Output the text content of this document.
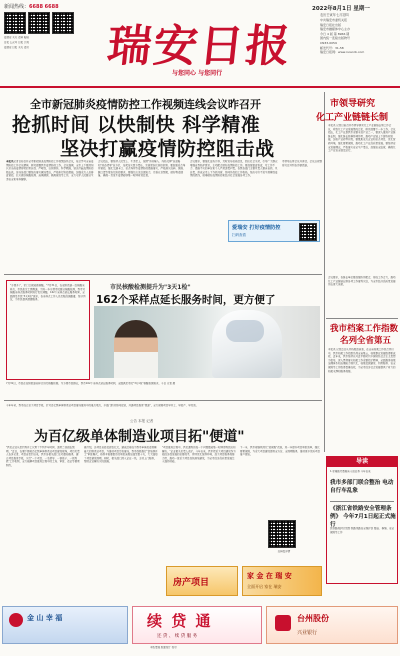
新闻热线：6688 6688
爱瑞安 天天 资料 帖接
日报 公众号 日报 订阅
爱瑞安 日报 天天 资讯	瑞安日报
与您同心 与您同行
2022年8月1日 星期一
农历壬寅年七月初四
中共瑞安市委机关报
瑞安日报社出版
瑞安市融媒体中心主办
今日 4 版 第 8966 期
国内统一连续出版物号
CN33-0059
邮发代号：31-58
瑞安日报网：www.ruianrb.com
全市新冠肺炎疫情防控工作视频连线会议昨召开
抢抓时间 以快制快 科学精准
坚决打赢疫情防控阻击战
本报讯记者日前召开全市新冠肺炎疫情防控工作视频连线会议，传达学习全省疫情防控工作会议精神，研究部署我市疫情防控工作。会议强调，全市上下要深刻认识当前疫情形势的复杂性、严峻性，以快制快、科学精准，坚决打赢疫情防控阻击战。各地各部门要坚决落实属地责任，严格执行防控措施，加强重点人员排查管控，扎实做好核酸检测、流调溯源、隔离管控等工作，全力守护人民群众生命安全和身体健康。
会议指出，要坚持人民至上、生命至上，按照"外防输入、内防反弹"总策略和"动态清零"总方针，压紧压实四方责任，完善常态化防控机制。要加强重点场所管控，强化交通卡口、重点场所等疫情防控措施落实，严格落实扫码、测温、戴口罩等常态化防控要求。要强化应急处置能力，完善应急预案，做好物资储备，确保一旦发生疫情能够第一时间有效处置。
会议要求，要强化宣传引导，及时发布权威信息，回应社会关切，引导广大群众增强自我防护意识，主动配合做好疫情防控工作。要加强督查检查，对工作不力、措施不实的单位和个人严肃追责问责。各级各部门主要负责人要亲自抓、负总责，形成全市上下齐抓共管、协同作战的工作格局，坚决守住不发生规模性疫情的底线，统筹做好疫情防控和经济社会发展各项工作。
市领导出席会议并讲话。会议以视频形式召开到各乡镇街道。
市领导研究
化工产业链链长制
本报讯 记者日前召开市领导研究化工产业链链长制工作会议，听取化工产业发展情况汇报，研究部署下一步工作。会议指出，化工产业是我市重要支柱产业之一，要深入推进产业链链长制，强化链长统筹协调作用，推动产业链上下游协同发展，加快产业转型升级。要聚焦重点企业和重点项目，优化营商环境，强化要素保障，推动化工产业高质量发展。要坚持安全发展理念，严格落实安全生产责任，加强安全监管，确保化工产业安全稳定运行。
爱瑞安 打好疫情防控
扫码查看
"方便多了，家门口就能做核酸。"7月31日，在安阳街道一处核酸采样点，市民张女士感慨道。为进一步方便市民群众核酸检测，我市对核酸采样点服务时间进行优化调整，162个采样点延长服务时间，全面满足市民"3天1检"需求。各采样点工作人员克服高温酷暑，坚守岗位，为市民提供便捷服务。
市民核酸检测提升为"3天1检"
162个采样点延长服务时间，更方便了
7月31日，市民在安阳街道采样点进行核酸检测。为方便市民群众，我市162个采样点延长服务时间，全面满足市民"3天1检"核酸检测需求。今日 记者 摄
会议要求，各链长单位要加强协作配合，形成工作合力，推动化工产业链链长制各项工作落到实处，为全市经济高质量发展作出更大贡献。
我市档案工作指数
名列全省第五
本报讯 记者近日从市档案馆获悉，在全省档案工作综合评价中，我市档案工作指数名列全省第五，档案事业发展取得新成效。近年来，我市坚持以习近平新时代中国特色社会主义思想为指导，深入贯彻落实档案工作重要指示精神，全面推进档案治理体系和治理能力现代化，档案资源建设、利用服务、安全保障等工作取得显著成效，为全市经济社会发展提供了有力的档案支撑和服务保障。
今年年初，我市成立重大项目专班，针对百亿级单体制造业项目落地推进中的难点堵点，多部门联动协同攻坚，开通项目推进"便道"，全力保障项目早开工、早投产、早见效。
公告 本报 记者
为百亿级单体制造业项目拓"便道"
"我们企业从签约到开工仅用了不到半年时间，速度之快超出预期。"近日，在塘下镇某百亿级单体制造业项目建设现场，项目负责人告诉记者。项目自签约以来，我市各相关部门主动靠前服务，建立项目推进专班，实行"一个项目、一名领导、一套班子、一抓到底"工作机制，全力破解项目推进过程中的土地、审批、资金等要素制约。
据介绍，该项目总投资超百亿元，建成后将成为我市单体投资规模最大的制造业项目。为推动项目尽快落地，我市创新推行"拿地即开工"审批模式，将原本需要数月的审批流程压缩至数十天，大大缩短了项目建设周期。同时，相关部门深入企业一线，主动上门服务，帮助企业解决实际困难。
"项目推进过程中，我们遇到的每一个问题都能第一时间得到回应和解决。"企业相关负责人表示。今年以来，我市把重大项目建设作为稳经济促发展的重要抓手，持续优化营商环境，加大项目服务保障力度，推动一批重大项目加快落地建设，为全市经济高质量发展注入强劲动能。
下一步，我市将继续深化"放管服"改革，进一步提升项目审批效率，强化要素保障，为重大项目建设提供全方位、全周期服务，推动更多优质项目落户瑞安。
扫码看详情
导读
1.家辅医疗数据未入驻业务 今年以来
我市多部门联合整治 电动自行车乱象
《浙江省铁路安全管理条例》 今年7月1日起正式施行
民铁路保护区范围 铁路线路安全保护区 整治、修缮、安全保障等工作
房产项目
家 金 在 瑞 安
全面开启 家在 瑞安
金 山 幸 福	续 贷 通
还 贷 、 续 贷 服 务
台州股份
兴业银行
本版责编 版面设计 校对
